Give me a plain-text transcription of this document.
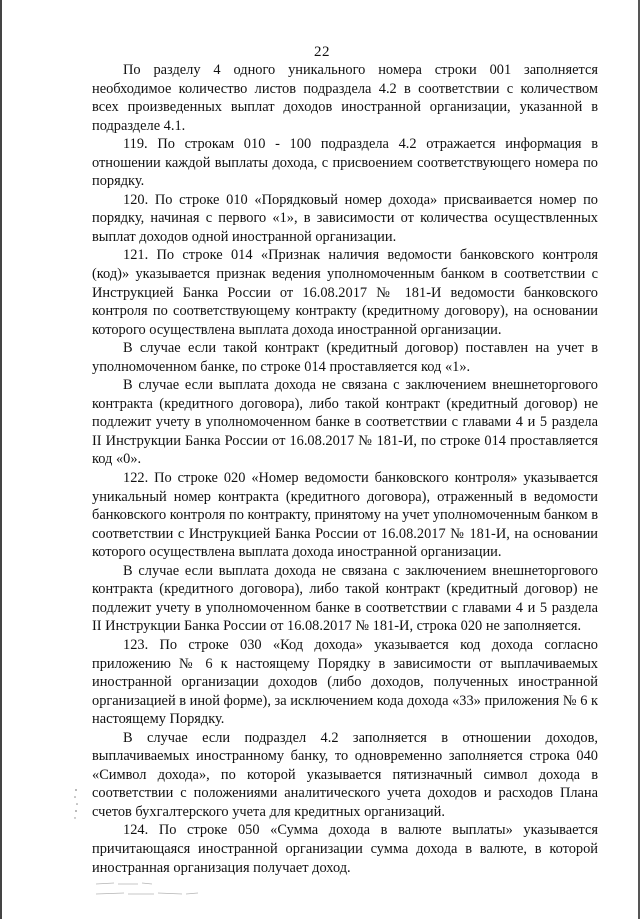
22

По разделу 4 одного уникального номера строки 001 заполняется необходимое количество листов подраздела 4.2 в соответствии с количеством всех произведенных выплат доходов иностранной организации, указанной в подразделе 4.1.

119. По строкам 010 - 100 подраздела 4.2 отражается информация в отношении каждой выплаты дохода, с присвоением соответствующего номера по порядку.

120. По строке 010 «Порядковый номер дохода» присваивается номер по порядку, начиная с первого «1», в зависимости от количества осуществленных выплат доходов одной иностранной организации.

121. По строке 014 «Признак наличия ведомости банковского контроля (код)» указывается признак ведения уполномоченным банком в соответствии с Инструкцией Банка России от 16.08.2017 № 181-И ведомости банковского контроля по соответствующему контракту (кредитному договору), на основании которого осуществлена выплата дохода иностранной организации.

В случае если такой контракт (кредитный договор) поставлен на учет в уполномоченном банке, по строке 014 проставляется код «1».

В случае если выплата дохода не связана с заключением внешнеторгового контракта (кредитного договора), либо такой контракт (кредитный договор) не подлежит учету в уполномоченном банке в соответствии с главами 4 и 5 раздела II Инструкции Банка России от 16.08.2017 № 181-И, по строке 014 проставляется код «0».

122. По строке 020 «Номер ведомости банковского контроля» указывается уникальный номер контракта (кредитного договора), отраженный в ведомости банковского контроля по контракту, принятому на учет уполномоченным банком в соответствии с Инструкцией Банка России от 16.08.2017 № 181-И, на основании которого осуществлена выплата дохода иностранной организации.

В случае если выплата дохода не связана с заключением внешнеторгового контракта (кредитного договора), либо такой контракт (кредитный договор) не подлежит учету в уполномоченном банке в соответствии с главами 4 и 5 раздела II Инструкции Банка России от 16.08.2017 № 181-И, строка 020 не заполняется.

123. По строке 030 «Код дохода» указывается код дохода согласно приложению № 6 к настоящему Порядку в зависимости от выплачиваемых иностранной организации доходов (либо доходов, полученных иностранной организацией в иной форме), за исключением кода дохода «33» приложения № 6 к настоящему Порядку.

В случае если подраздел 4.2 заполняется в отношении доходов, выплачиваемых иностранному банку, то одновременно заполняется строка 040 «Символ дохода», по которой указывается пятизначный символ дохода в соответствии с положениями аналитического учета доходов и расходов Плана счетов бухгалтерского учета для кредитных организаций.

124. По строке 050 «Сумма дохода в валюте выплаты» указывается причитающаяся иностранной организации сумма дохода в валюте, в которой иностранная организация получает доход.
